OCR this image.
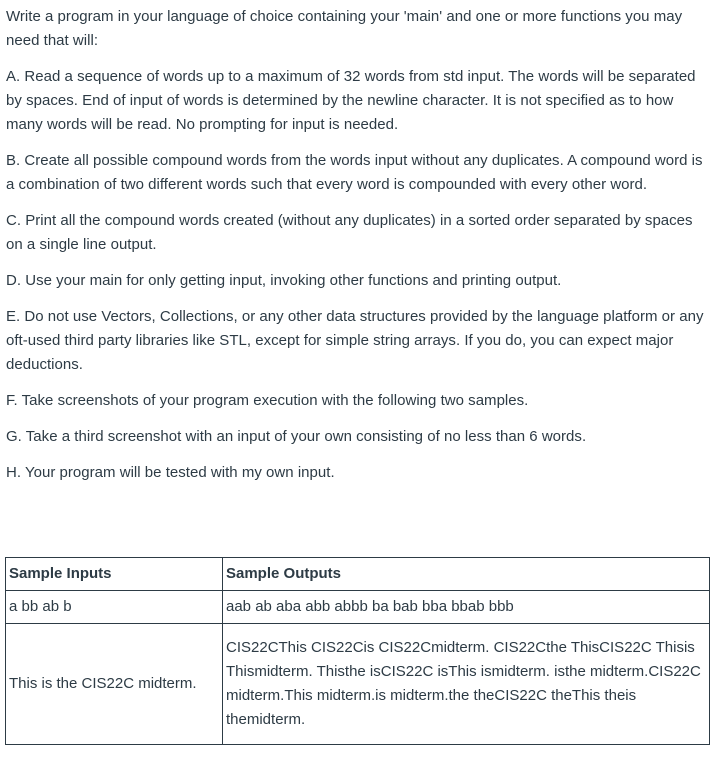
Write a program in your language of choice containing your 'main' and one or more functions you may need that will:

A. Read a sequence of words up to a maximum of 32 words from std input. The words will be separated by spaces. End of input of words is determined by the newline character. It is not specified as to how many words will be read. No prompting for input is needed.

B. Create all possible compound words from the words input without any duplicates. A compound word is a combination of two different words such that every word is compounded with every other word.

C. Print all the compound words created (without any duplicates) in a sorted order separated by spaces on a single line output.

D. Use your main for only getting input, invoking other functions and printing output.

E. Do not use Vectors, Collections, or any other data structures provided by the language platform or any oft-used third party libraries like STL, except for simple string arrays. If you do, you can expect major deductions.

F. Take screenshots of your program execution with the following two samples.

G. Take a third screenshot with an input of your own consisting of no less than 6 words.

H. Your program will be tested with my own input.

Sample Inputs	Sample Outputs
a bb ab b	aab ab aba abb abbb ba bab bba bbab bbb
This is the CIS22C midterm.	CIS22CThis CIS22Cis CIS22Cmidterm. CIS22Cthe ThisCIS22C Thisis Thismidterm. Thisthe isCIS22C isThis ismidterm. isthe midterm.CIS22C midterm.This midterm.is midterm.the theCIS22C theThis theis themidterm.
